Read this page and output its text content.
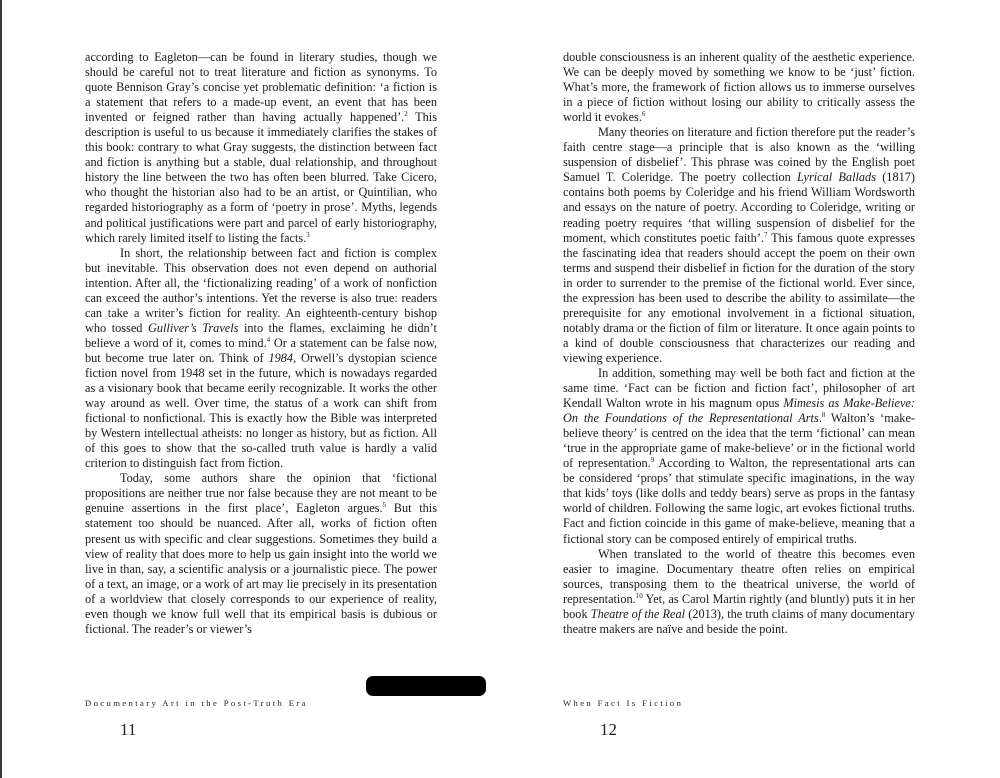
according to Eagleton—can be found in literary studies, though we should be careful not to treat literature and fiction as synonyms. To quote Bennison Gray’s concise yet problematic definition: ‘a fiction is a statement that refers to a made-up event, an event that has been invented or feigned rather than having actually happened’.$^2$ This description is useful to us because it immediately clarifies the stakes of this book: contrary to what Gray suggests, the distinction between fact and fiction is anything but a stable, dual relationship, and throughout history the line between the two has often been blurred. Take Cicero, who thought the historian also had to be an artist, or Quintilian, who regarded historiography as a form of ‘poetry in prose’. Myths, legends and political justifications were part and parcel of early historiography, which rarely limited itself to listing the facts.$^3$

In short, the relationship between fact and fiction is complex but inevitable. This observation does not even depend on authorial intention. After all, the ‘fictionalizing reading’ of a work of nonfiction can exceed the author’s intentions. Yet the reverse is also true: readers can take a writer’s fiction for reality. An eighteenth-century bishop who tossed Gulliver’s Travels into the flames, exclaiming he didn’t believe a word of it, comes to mind.$^4$ Or a statement can be false now, but become true later on. Think of 1984, Orwell’s dystopian science fiction novel from 1948 set in the future, which is nowadays regarded as a visionary book that became eerily recognizable. It works the other way around as well. Over time, the status of a work can shift from fictional to nonfictional. This is exactly how the Bible was interpreted by Western intellectual atheists: no longer as history, but as fiction. All of this goes to show that the so-called truth value is hardly a valid criterion to distinguish fact from fiction.

Today, some authors share the opinion that ‘fictional propositions are neither true nor false because they are not meant to be genuine assertions in the first place’, Eagleton argues.$^5$ But this statement too should be nuanced. After all, works of fiction often present us with specific and clear suggestions. Sometimes they build a view of reality that does more to help us gain insight into the world we live in than, say, a scientific analysis or a journalistic piece. The power of a text, an image, or a work of art may lie precisely in its presentation of a worldview that closely corresponds to our experience of reality, even though we know full well that its empirical basis is dubious or fictional. The reader’s or viewer’s

double consciousness is an inherent quality of the aesthetic experience. We can be deeply moved by something we know to be ‘just’ fiction. What’s more, the framework of fiction allows us to immerse ourselves in a piece of fiction without losing our ability to critically assess the world it evokes.$^6$

Many theories on literature and fiction therefore put the reader’s faith centre stage—a principle that is also known as the ‘willing suspension of disbelief’. This phrase was coined by the English poet Samuel T. Coleridge. The poetry collection Lyrical Ballads (1817) contains both poems by Coleridge and his friend William Wordsworth and essays on the nature of poetry. According to Coleridge, writing or reading poetry requires ‘that willing suspension of disbelief for the moment, which constitutes poetic faith’.$^7$ This famous quote expresses the fascinating idea that readers should accept the poem on their own terms and suspend their disbelief in fiction for the duration of the story in order to surrender to the premise of the fictional world. Ever since, the expression has been used to describe the ability to assimilate—the prerequisite for any emotional involvement in a fictional situation, notably drama or the fiction of film or literature. It once again points to a kind of double consciousness that characterizes our reading and viewing experience.

In addition, something may well be both fact and fiction at the same time. ‘Fact can be fiction and fiction fact’, philosopher of art Kendall Walton wrote in his magnum opus Mimesis as Make-Believe: On the Foundations of the Representational Arts.$^8$ Walton’s ‘make-believe theory’ is centred on the idea that the term ‘fictional’ can mean ‘true in the appropriate game of make-believe’ or in the fictional world of representation.$^9$ According to Walton, the representational arts can be considered ‘props’ that stimulate specific imaginations, in the way that kids’ toys (like dolls and teddy bears) serve as props in the fantasy world of children. Following the same logic, art evokes fictional truths. Fact and fiction coincide in this game of make-believe, meaning that a fictional story can be composed entirely of empirical truths.

When translated to the world of theatre this becomes even easier to imagine. Documentary theatre often relies on empirical sources, transposing them to the theatrical universe, the world of representation.$^{10}$ Yet, as Carol Martin rightly (and bluntly) puts it in her book Theatre of the Real (2013), the truth claims of many documentary theatre makers are naïve and beside the point.

Documentary Art in the Post-Truth Era	When Fact Is Fiction
11	12
